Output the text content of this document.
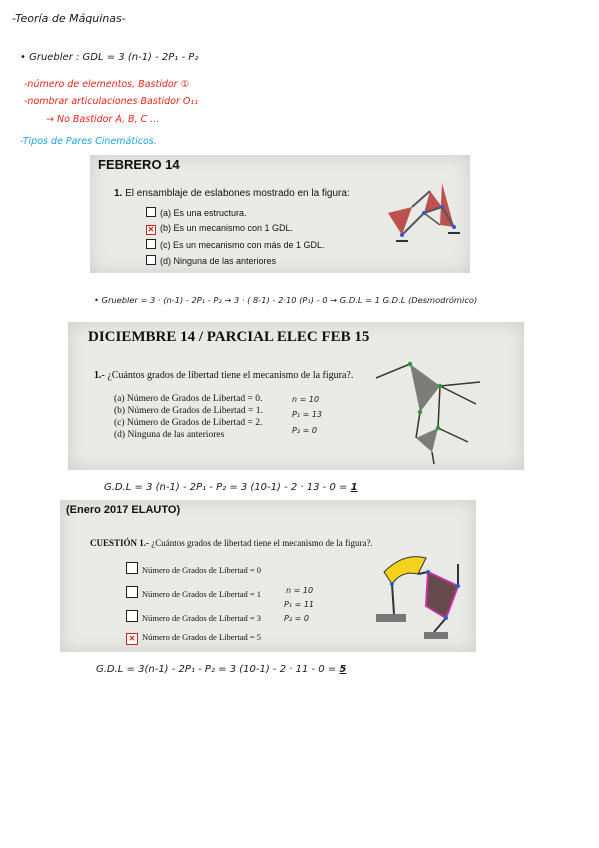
-Teoría de Máquinas-
• Gruebler : GDL = 3 (n-1) - 2P₁ - P₂
-número de elementos, Bastidor ①
-nombrar articulaciones Bastidor O₁₁
→ No Bastidor A, B, C ...
-Tipos de Pares Cinemáticos.
FEBRERO 14
1. El ensamblaje de eslabones mostrado en la figura:
(a) Es una estructura.
✕ (b) Es un mecanismo con 1 GDL.
(c) Es un mecanismo con más de 1 GDL.
(d) Ninguna de las anteriores
• Gruebler = 3 · (n-1) - 2P₁ - P₂ → 3 · ( 8-1) - 2·10 (P₁) - 0 → G.D.L = 1 G.D.L (Desmodrómico)
DICIEMBRE 14 / PARCIAL ELEC FEB 15
1.- ¿Cuántos grados de libertad tiene el mecanismo de la figura?.
(a) Número de Grados de Libertad = 0.
(b) Número de Grados de Libertad = 1.
(c) Número de Grados de Libertad = 2.
(d) Ninguna de las anteriores
n = 10
P₁ = 13
P₂ = 0
G.D.L = 3 (n-1) - 2P₁ - P₂ = 3 (10-1) - 2 · 13 - 0 = 1
(Enero 2017 ELAUTO)
CUESTIÓN 1.- ¿Cuántos grados de libertad tiene el mecanismo de la figura?.
Número de Grados de Libertad = 0
Número de Grados de Libertad = 1
Número de Grados de Libertad = 3
✕ Número de Grados de Libertad = 5
n = 10
P₁ = 11
P₂ = 0
G.D.L = 3(n-1) - 2P₁ - P₂ = 3 (10-1) - 2 · 11 - 0 = 5
